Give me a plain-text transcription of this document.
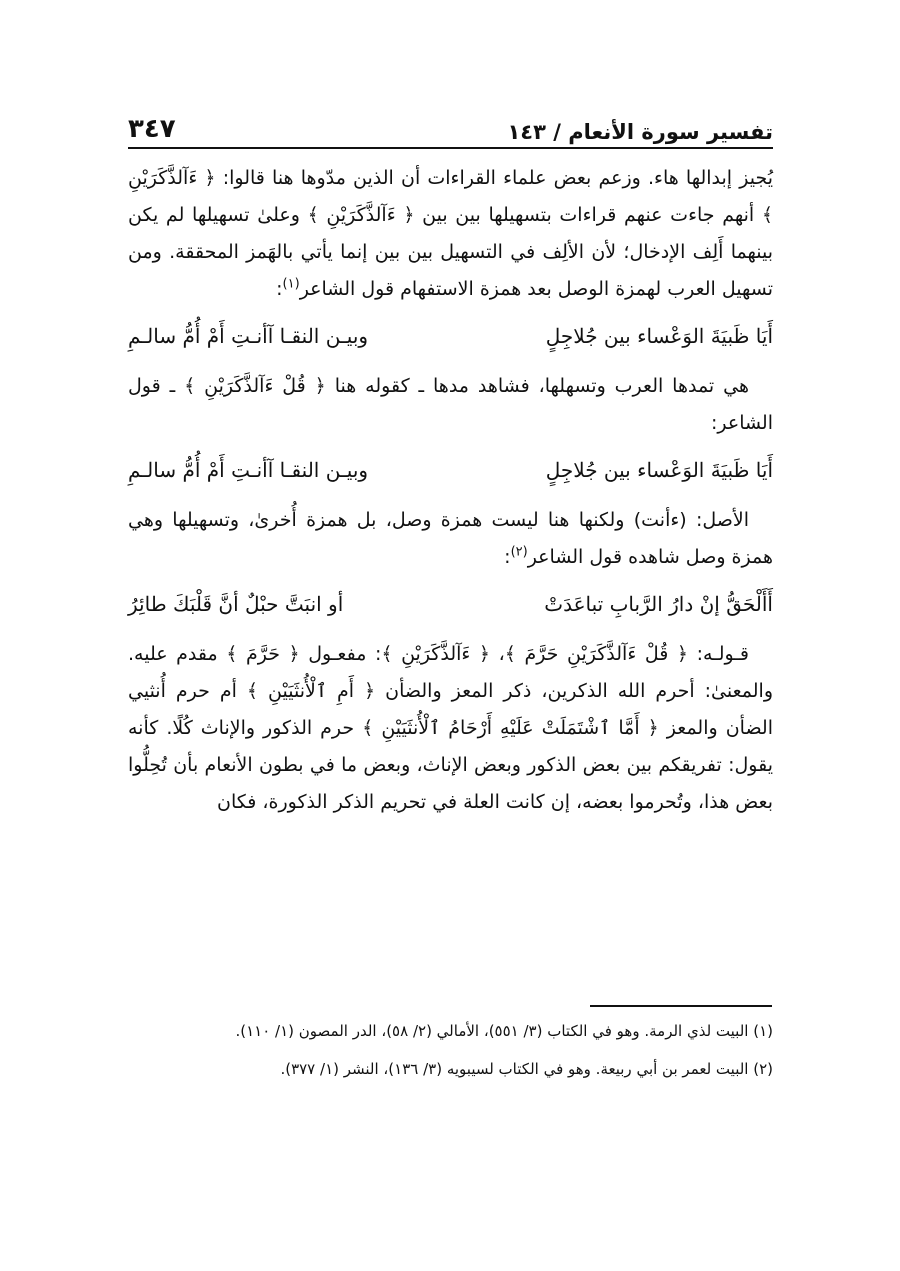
تفسير سورة الأنعام / ١٤٣
٣٤٧

يُجيز إبدالها هاء. وزعم بعض علماء القراءات أن الذين مدّوها هنا قالوا: ﴿ ءَآلذَّكَرَيْنِ ﴾ أنهم جاءت عنهم قراءات بتسهيلها بين بين ﴿ ءَآلذَّكَرَيْنِ ﴾ وعلىٰ تسهيلها لم يكن بينهما أَلِف الإدخال؛ لأن الألِف في التسهيل بين بين إنما يأتي بالهَمز المحققة. ومن تسهيل العرب لهمزة الوصل بعد همزة الاستفهام قول الشاعر$^{(١)}$:

أَيَا ظَبيَةَ الوَعْساء بين جُلاجِلٍ
وبيـن النقـا آأنـتِ أَمْ أُمُّ سالـمِ

هي تمدها العرب وتسهلها، فشاهد مدها ـ كقوله هنا ﴿ قُلْ ءَآلذَّكَرَيْنِ ﴾ ـ قول الشاعر:

أَيَا ظَبيَةَ الوَعْساء بين جُلاجِلٍ
وبيـن النقـا آأنـتِ أَمْ أُمُّ سالـمِ

الأصل: (ءأنت) ولكنها هنا ليست همزة وصل، بل همزة أُخرىٰ، وتسهيلها وهي همزة وصل شاهده قول الشاعر$^{(٢)}$:

أَأَلْحَقُّ إنْ دارُ الرَّبابِ تباعَدَتْ
أو انبَتَّ حبْلٌ أنَّ قَلْبَكَ طائِرُ

قـولـه: ﴿ قُلْ ءَآلذَّكَرَيْنِ حَرَّمَ ﴾، ﴿ ءَآلذَّكَرَيْنِ ﴾: مفعـول ﴿ حَرَّمَ ﴾ مقدم عليه. والمعنىٰ: أحرم الله الذكرين، ذكر المعز والضأن ﴿ أَمِ ٱلْأُنثَيَيْنِ ﴾ أم حرم أُنثيي الضأن والمعز ﴿ أَمَّا ٱشْتَمَلَتْ عَلَيْهِ أَرْحَامُ ٱلْأُنثَيَيْنِ ﴾ حرم الذكور والإناث كُلًا. كأنه يقول: تفريقكم بين بعض الذكور وبعض الإناث، وبعض ما في بطون الأنعام بأن تُحِلُّوا بعض هذا، وتُحرموا بعضه، إن كانت العلة في تحريم الذكر الذكورة، فكان

(١) البيت لذي الرمة. وهو في الكتاب (٣/ ٥٥١)، الأمالي (٢/ ٥٨)، الدر المصون (١/ ١١٠).

(٢) البيت لعمر بن أبي ربيعة. وهو في الكتاب لسيبويه (٣/ ١٣٦)، النشر (١/ ٣٧٧).
